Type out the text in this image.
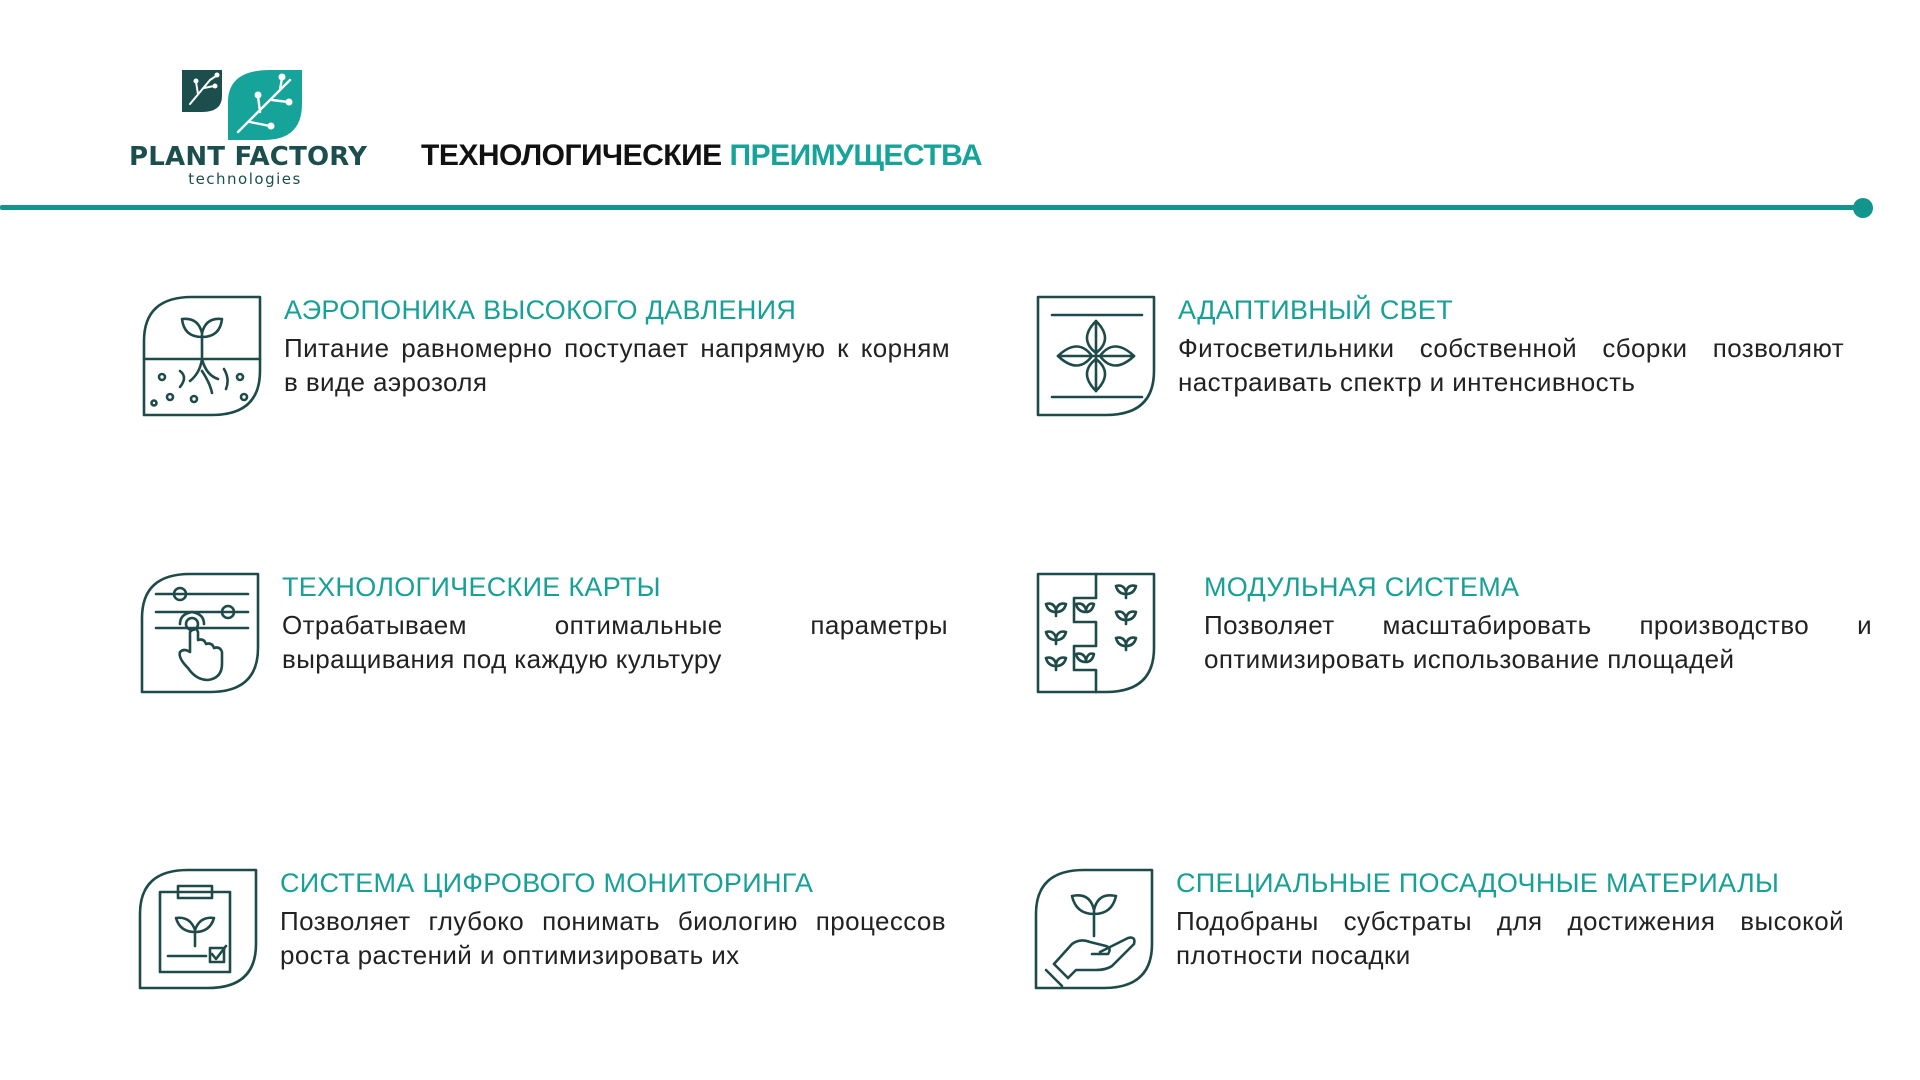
PLANT FACTORY
technologies
ТЕХНОЛОГИЧЕСКИЕ ПРЕИМУЩЕСТВА
АЭРОПОНИКА ВЫСОКОГО ДАВЛЕНИЯ
Питание равномерно поступает напрямую к корням в виде аэрозоля
АДАПТИВНЫЙ СВЕТ
Фитосветильники собственной сборки позволяют настраивать спектр и интенсивность
ТЕХНОЛОГИЧЕСКИЕ КАРТЫ
Отрабатываем оптимальные параметры выращивания под каждую культуру
МОДУЛЬНАЯ СИСТЕМА
Позволяет масштабировать производство и оптимизировать использование площадей
СИСТЕМА ЦИФРОВОГО МОНИТОРИНГА
Позволяет глубоко понимать биологию процессов роста растений и оптимизировать их
СПЕЦИАЛЬНЫЕ ПОСАДОЧНЫЕ МАТЕРИАЛЫ
Подобраны субстраты для достижения высокой плотности посадки
